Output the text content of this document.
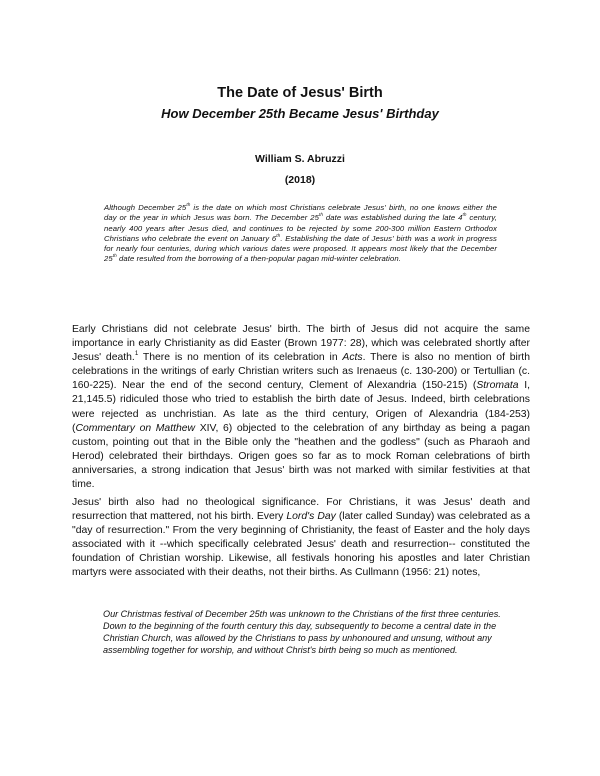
The Date of Jesus' Birth
How December 25th Became Jesus' Birthday
William S. Abruzzi
(2018)
Although December 25th is the date on which most Christians celebrate Jesus' birth, no one knows either the day or the year in which Jesus was born. The December 25th date was established during the late 4th century, nearly 400 years after Jesus died, and continues to be rejected by some 200-300 million Eastern Orthodox Christians who celebrate the event on January 6th. Establishing the date of Jesus' birth was a work in progress for nearly four centuries, during which various dates were proposed. It appears most likely that the December 25th date resulted from the borrowing of a then-popular pagan mid-winter celebration.
Early Christians did not celebrate Jesus' birth. The birth of Jesus did not acquire the same importance in early Christianity as did Easter (Brown 1977: 28), which was celebrated shortly after Jesus' death.$^1$ There is no mention of its celebration in Acts. There is also no mention of birth celebrations in the writings of early Christian writers such as Irenaeus (c. 130-200) or Tertullian (c. 160-225). Near the end of the second century, Clement of Alexandria (150-215) (Stromata I, 21,145.5) ridiculed those who tried to establish the birth date of Jesus. Indeed, birth celebrations were rejected as unchristian. As late as the third century, Origen of Alexandria (184-253) (Commentary on Matthew XIV, 6) objected to the celebration of any birthday as being a pagan custom, pointing out that in the Bible only the "heathen and the godless" (such as Pharaoh and Herod) celebrated their birthdays. Origen goes so far as to mock Roman celebrations of birth anniversaries, a strong indication that Jesus' birth was not marked with similar festivities at that time.
Jesus' birth also had no theological significance. For Christians, it was Jesus' death and resurrection that mattered, not his birth. Every Lord's Day (later called Sunday) was celebrated as a "day of resurrection." From the very beginning of Christianity, the feast of Easter and the holy days associated with it --which specifically celebrated Jesus' death and resurrection-- constituted the foundation of Christian worship. Likewise, all festivals honoring his apostles and later Christian martyrs were associated with their deaths, not their births. As Cullmann (1956: 21) notes,
Our Christmas festival of December 25th was unknown to the Christians of the first three centuries. Down to the beginning of the fourth century this day, subsequently to become a central date in the Christian Church, was allowed by the Christians to pass by unhonoured and unsung, without any assembling together for worship, and without Christ's birth being so much as mentioned.
